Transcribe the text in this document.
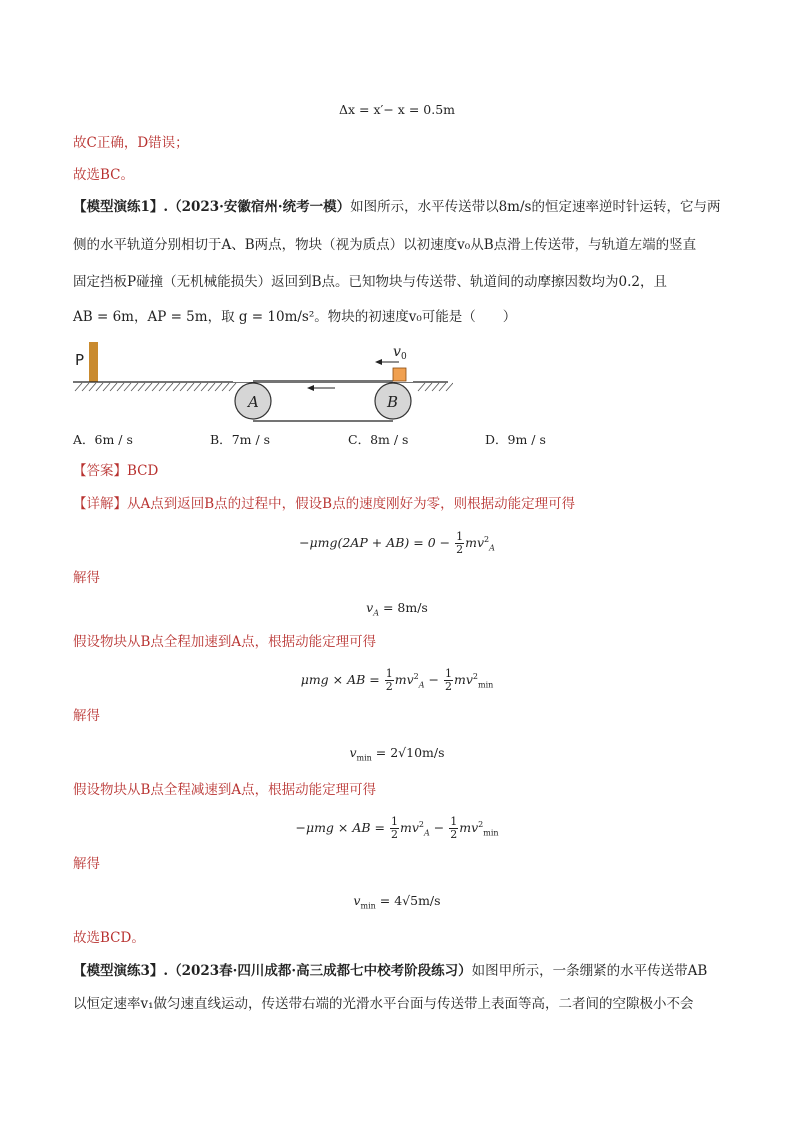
Δx = x′− x = 0.5m
故C正确，D错误；
故选BC。
【模型演练1】.（2023·安徽宿州·统考一模）如图所示，水平传送带以8m/s的恒定速率逆时针运转，它与两
侧的水平轨道分别相切于A、B两点，物块（视为质点）以初速度v₀从B点滑上传送带，与轨道左端的竖直
固定挡板P碰撞（无机械能损失）返回到B点。已知物块与传送带、轨道间的动摩擦因数均为0.2，且
AB = 6m，AP = 5m，取 g = 10m/s²。物块的初速度v₀可能是（　　）
P
A	B
v 0
A．6m / s	B．7m / s	C．8m / s	D．9m / s
【答案】BCD
【详解】从A点到返回B点的过程中，假设B点的速度刚好为零，则根据动能定理可得
$-\mu mg(2AP + AB) = 0 - \frac{1}{2} mv^2_A$
解得
$v_A = 8m/s$
假设物块从B点全程加速到A点，根据动能定理可得
μmg × AB = $\frac{1}{2} mv^2_A - \frac{1}{2} mv^2_{min}$
解得
$v_{min} = 2√10m/s$
假设物块从B点全程减速到A点，根据动能定理可得
−μmg × AB = $\frac{1}{2} mv^2_A - \frac{1}{2} mv^2_{min}$
解得
$v_{min} = 4√5m/s$
故选BCD。
【模型演练3】.（2023春·四川成都·高三成都七中校考阶段练习）如图甲所示，一条绷紧的水平传送带AB
以恒定速率v₁做匀速直线运动，传送带右端的光滑水平台面与传送带上表面等高，二者间的空隙极小不会
